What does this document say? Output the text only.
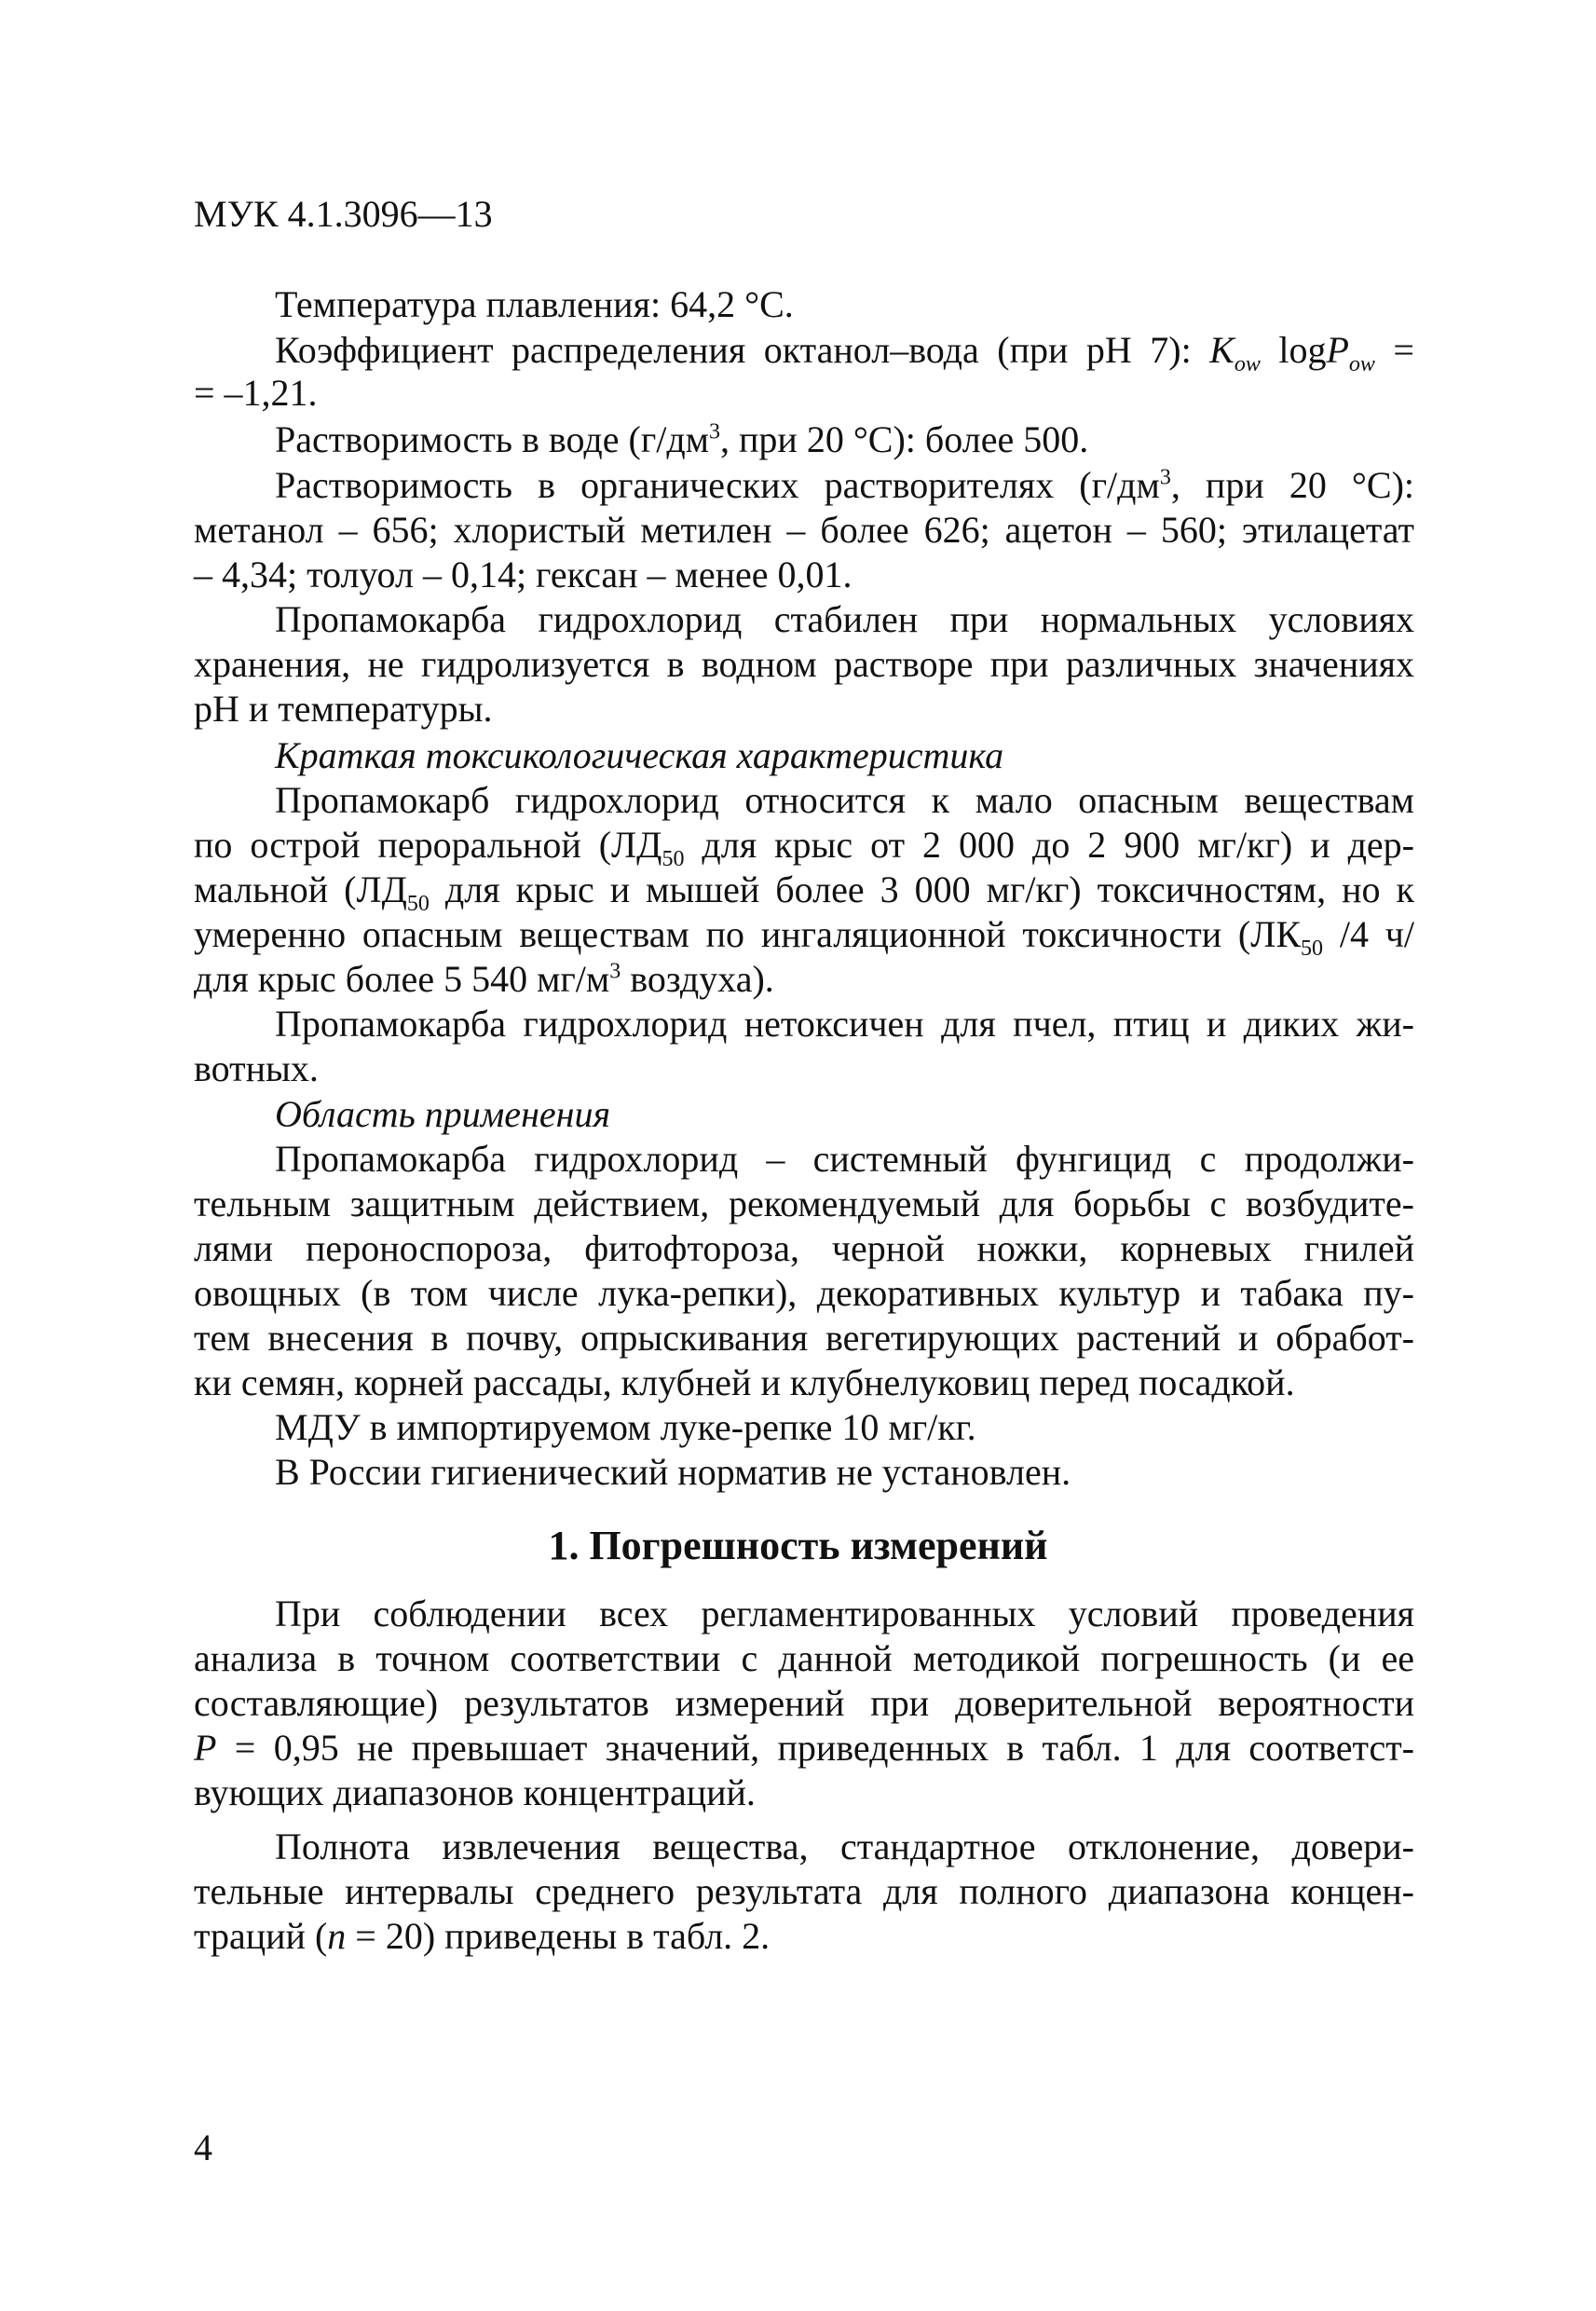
МУК 4.1.3096—13
Температура плавления: 64,2 °С.
Коэффициент распределения октанол–вода (при pH 7): $K_{ow}$ logP$_{ow}$ =
= –1,21.
Растворимость в воде ($г/дм^3$, при 20 °С): более 500.
Растворимость в органических растворителях ($г/дм^3$, при 20 °С):
метанол – 656; хлористый метилен – более 626; ацетон – 560; этилацетат
– 4,34; толуол – 0,14; гексан – менее 0,01.
Пропамокарба гидрохлорид стабилен при нормальных условиях
хранения, не гидролизуется в водном растворе при различных значениях
pH и температуры.
Краткая токсикологическая характеристика
Пропамокарб гидрохлорид относится к мало опасным веществам
по острой пероральной ($ЛД_{50}$ для крыс от 2 000 до 2 900 мг/кг) и дер-
мальной ($ЛД_{50}$ для крыс и мышей более 3 000 мг/кг) токсичностям, но к
умеренно опасным веществам по ингаляционной токсичности ($ЛК_{50}$ /4 ч/
для крыс более 5 540 $мг/м^3$ воздуха).
Пропамокарба гидрохлорид нетоксичен для пчел, птиц и диких жи-
вотных.
Область применения
Пропамокарба гидрохлорид – системный фунгицид с продолжи-
тельным защитным действием, рекомендуемый для борьбы с возбудите-
лями пероноспороза, фитофтороза, черной ножки, корневых гнилей
овощных (в том числе лука-репки), декоративных культур и табака пу-
тем внесения в почву, опрыскивания вегетирующих растений и обработ-
ки семян, корней рассады, клубней и клубнелуковиц перед посадкой.
МДУ в импортируемом луке-репке 10 мг/кг.
В России гигиенический норматив не установлен.
1. Погрешность измерений
При соблюдении всех регламентированных условий проведения
анализа в точном соответствии с данной методикой погрешность (и ее
составляющие) результатов измерений при доверительной вероятности
P = 0,95 не превышает значений, приведенных в табл. 1 для соответст-
вующих диапазонов концентраций.
Полнота извлечения вещества, стандартное отклонение, довери-
тельные интервалы среднего результата для полного диапазона концен-
траций (n = 20) приведены в табл. 2.
4
